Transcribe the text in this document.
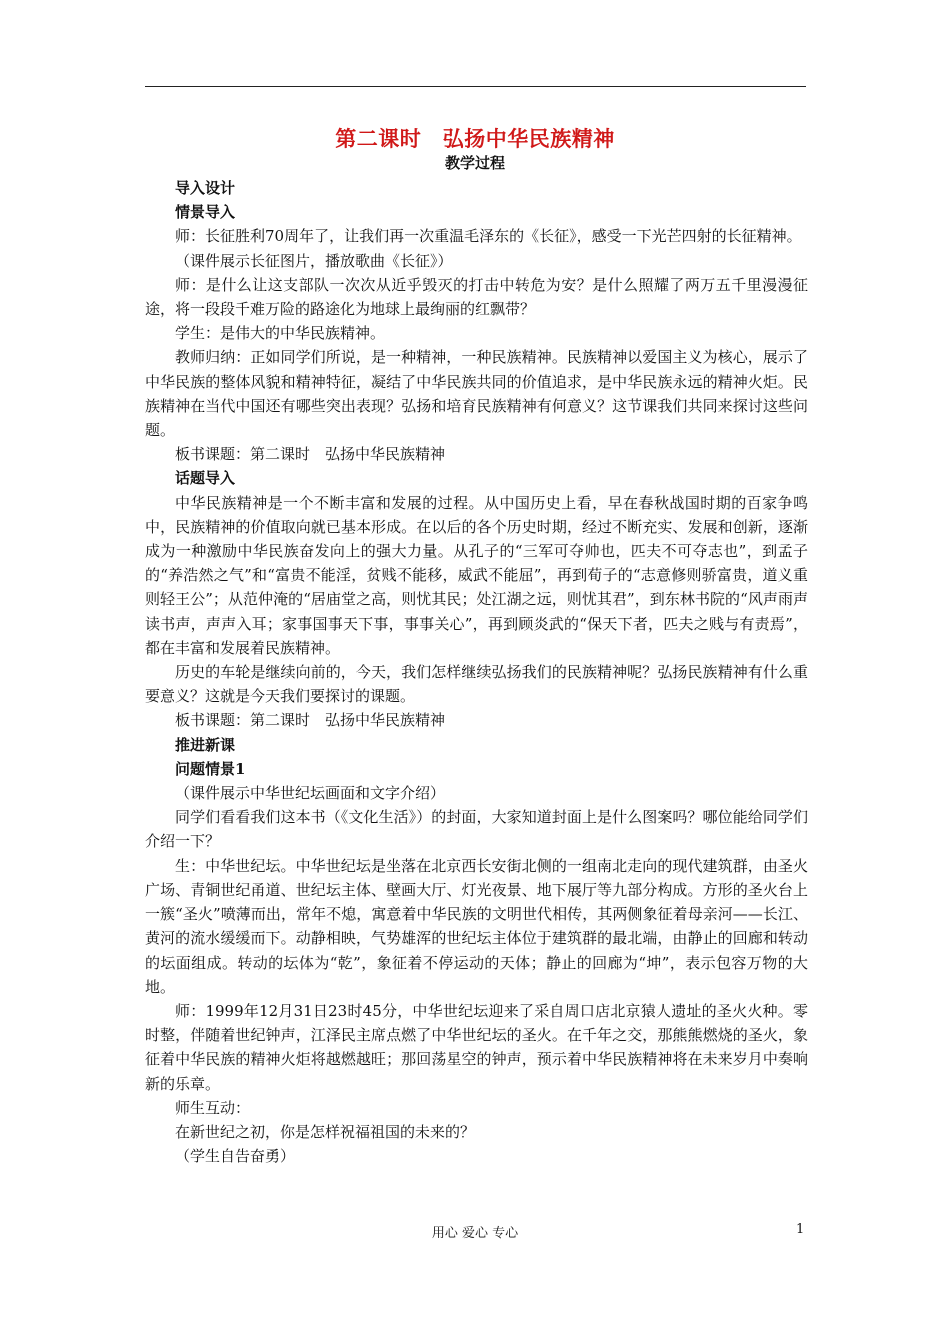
第二课时　弘扬中华民族精神
教学过程

导入设计

情景导入

师：长征胜利70周年了，让我们再一次重温毛泽东的《长征》，感受一下光芒四射的长征精神。

（课件展示长征图片，播放歌曲《长征》）

师：是什么让这支部队一次次从近乎毁灭的打击中转危为安？是什么照耀了两万五千里漫漫征途，将一段段千难万险的路途化为地球上最绚丽的红飘带？

学生：是伟大的中华民族精神。

教师归纳：正如同学们所说，是一种精神，一种民族精神。民族精神以爱国主义为核心，展示了中华民族的整体风貌和精神特征，凝结了中华民族共同的价值追求，是中华民族永远的精神火炬。民族精神在当代中国还有哪些突出表现？弘扬和培育民族精神有何意义？这节课我们共同来探讨这些问题。

板书课题：第二课时　弘扬中华民族精神

话题导入

中华民族精神是一个不断丰富和发展的过程。从中国历史上看，早在春秋战国时期的百家争鸣中，民族精神的价值取向就已基本形成。在以后的各个历史时期，经过不断充实、发展和创新，逐渐成为一种激励中华民族奋发向上的强大力量。从孔子的“三军可夺帅也，匹夫不可夺志也”，到孟子的“养浩然之气”和“富贵不能淫，贫贱不能移，威武不能屈”，再到荀子的“志意修则骄富贵，道义重则轻王公”；从范仲淹的“居庙堂之高，则忧其民；处江湖之远，则忧其君”，到东林书院的“风声雨声读书声，声声入耳；家事国事天下事，事事关心”，再到顾炎武的“保天下者，匹夫之贱与有责焉”，都在丰富和发展着民族精神。

历史的车轮是继续向前的，今天，我们怎样继续弘扬我们的民族精神呢？弘扬民族精神有什么重要意义？这就是今天我们要探讨的课题。

板书课题：第二课时　弘扬中华民族精神

推进新课

问题情景1

（课件展示中华世纪坛画面和文字介绍）

同学们看看我们这本书（《文化生活》）的封面，大家知道封面上是什么图案吗？哪位能给同学们介绍一下？

生：中华世纪坛。中华世纪坛是坐落在北京西长安街北侧的一组南北走向的现代建筑群，由圣火广场、青铜世纪甬道、世纪坛主体、壁画大厅、灯光夜景、地下展厅等九部分构成。方形的圣火台上一簇“圣火”喷薄而出，常年不熄，寓意着中华民族的文明世代相传，其两侧象征着母亲河——长江、黄河的流水缓缓而下。动静相映，气势雄浑的世纪坛主体位于建筑群的最北端，由静止的回廊和转动的坛面组成。转动的坛体为“乾”，象征着不停运动的天体；静止的回廊为“坤”，表示包容万物的大地。

师：1999年12月31日23时45分，中华世纪坛迎来了采自周口店北京猿人遗址的圣火火种。零时整，伴随着世纪钟声，江泽民主席点燃了中华世纪坛的圣火。在千年之交，那熊熊燃烧的圣火，象征着中华民族的精神火炬将越燃越旺；那回荡星空的钟声，预示着中华民族精神将在未来岁月中奏响新的乐章。

师生互动：

在新世纪之初，你是怎样祝福祖国的未来的？

（学生自告奋勇）

用心 爱心 专心	1
